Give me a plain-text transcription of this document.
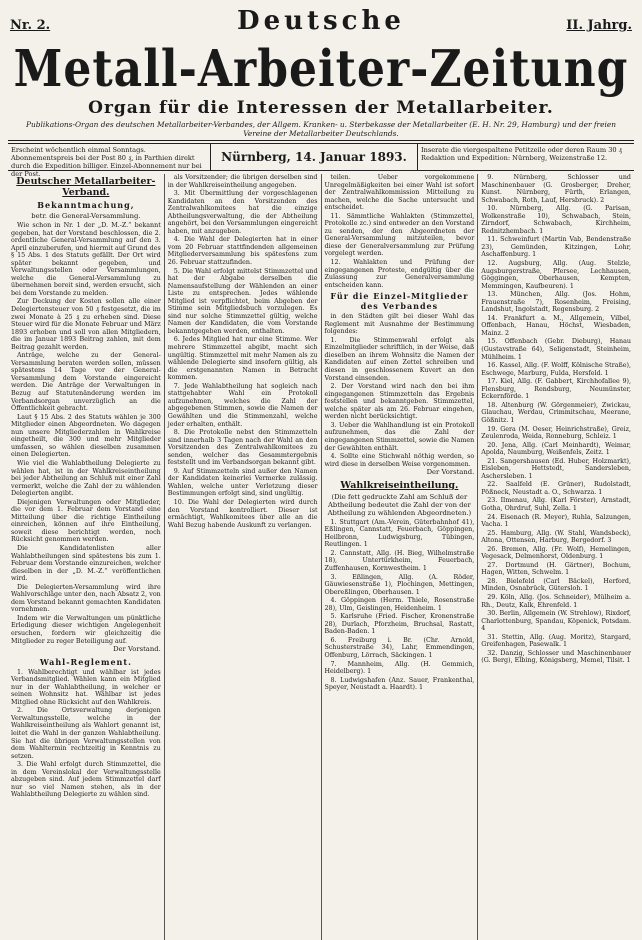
Nr. 2.	Deutsche	II. Jahrg.
Metall-Arbeiter-Zeitung
Organ für die Interessen der Metallarbeiter.
Publikations-Organ des deutschen Metallarbeiter-Verbandes, der Allgem. Kranken- u. Sterbekasse der Metallarbeiter (E. H. Nr. 29, Hamburg) und der freien Vereine der Metallarbeiter Deutschlands.
Erscheint wöchentlich einmal Sonntags. Abonnementspreis bei der Post 80 ₰, in Parthien direkt durch die Expedition billiger. Einzel-Abonnement nur bei der Post.
Nürnberg, 14. Januar 1893.	Inserate die viergespaltene Petitzeile oder deren Raum 30 ₰ Redaktion und Expedition: Nürnberg, Weizenstraße 12.
Deutscher Metallarbeiter-Verband.
Bekanntmachung,
betr. die General-Versammlung.

Wie schon in Nr. 1 der „D. M.-Z.“ bekannt gegeben, hat der Vorstand beschlossen, die 2. ordentliche General-Versammlung auf den 3. April einzuberufen, und hiermit auf Grund des § 15 Abs. 1 des Statuts gefällt. Der Ort wird später bekannt gegeben, und Verwaltungsstellen oder Versammlungen, welche die General-Versammlung zu übernehmen bereit sind, werden ersucht, sich bei dem Vorstande zu melden.

Zur Deckung der Kosten sollen alle einer Delegiertensteuer von 50 ₰ festgesetzt, die im zwei Monate à 25 ₰ zu erheben sind. Diese Steuer wird für die Monate Februar und März 1893 erhoben und soll von allen Mitgliedern, die im Januar 1893 Beitrag zahlen, mit dem Beitrag gezahlt werden.

Anträge, welche zu der General-Versammlung beraten werden sollen, müssen spätestens 14 Tage vor der General-Versammlung dem Vorstande eingereicht werden. Die Anträge der Verwaltungen in Bezug auf Statutenänderung werden im Verbandsorgan unverzüglich an die Öffentlichkeit gebracht.

Laut § 15 Abs. 2 des Statuts wählen je 300 Mitglieder einen Abgeordneten. Wo dagegen nun unsere Mitgliederzahlen in Wahlkreise eingetheilt, die 300 und mehr Mitglieder umfassen, so wählen dieselben zusammen einen Delegierten.

Wie viel die Wahlabtheilung Delegierte zu wählen hat, ist in der Wahlkreiseintheilung bei jeder Abtheilung an Schluß mit einer Zahl vermerkt, welche die Zahl der zu wählenden Delegierten angibt.

Diejenigen Verwaltungen oder Mitglieder, die vor dem 1. Februar dem Vorstand eine Mitteilung über die richtige Eintheilung einreichen, können auf ihre Eintheilung, soweit diese berichtigt werden, noch Rücksicht genommen werden.

Die Kandidatenlisten aller Wahlabtheilungen sind spätestens bis zum 1. Februar dem Vorstande einzureichen, welcher dieselben in der „D. M.-Z.“ veröffentlichen wird.

Die Delegierten-Versammlung wird ihre Wahlvorschläge unter den, nach Absatz 2, von dem Vorstand bekannt gemachten Kandidaten vornehmen.

Indem wir die Verwaltungen um pünktliche Erledigung dieser wichtigen Angelegenheit ersuchen, fordern wir gleichzeitig die Mitglieder zu reger Beteiligung auf.

Der Vorstand.
Wahl-Reglement.

1. Wahlberechtigt und wählbar ist jedes Verbandsmitglied. Wählen kann ein Mitglied nur in der Wahlabtheilung, in welcher er seinen Wohnsitz hat. Wählbar ist jedes Mitglied ohne Rücksicht auf den Wahlkreis.

2. Die Ortsverwaltung derjenigen Verwaltungsstelle, welche in der Wahlkreiseintheilung als Wahlort genannt ist, leitet die Wahl in der ganzen Wahlabtheilung. Sie hat die übrigen Verwaltungsstellen von dem Wahltermin rechtzeitig in Kenntnis zu setzen.

3. Die Wahl erfolgt durch Stimmzettel, die in dem Vereinslokal der Verwaltungsstelle abzugeben sind. Auf jedem Stimmzettel darf nur so viel Namen stehen, als in der Wahlabtheilung Delegierte zu wählen sind.

als Vorsitzender; die übrigen derselben sind in der Wahlkreiseintheilung angegeben.

3. Mit Übermittlung der vorgeschlagenen Kandidaten an den Vorsitzenden des Zentralwahlkomitees hat die einzige Abtheilungsverwaltung, die der Abtheilung angehört, bei den Versammlungen eingereicht haben, mit anzugeben.

4. Die Wahl der Delegierten hat in einer vom 20 Februar stattfindenden allgemeinen Mitgliederversammlung bis spätestens zum 26. Februar stattzufinden.

5. Die Wahl erfolgt mittelst Stimmzettel und hat der Abgabe derselben die Namensaufstellung der Wählenden an einer Liste zu entsprechen. Jedes wählende Mitglied ist verpflichtet, beim Abgeben der Stimme sein Mitgliedsbuch vorzulegen. Es sind nur solche Stimmzettel gültig, welche Namen der Kandidaten, die vom Vorstande bekanntgegeben werden, enthalten.

6. Jedes Mitglied hat nur eine Stimme. Wer mehrere Stimmzettel abgibt, macht sich ungültig. Stimmzettel mit mehr Namen als zu wählende Delegierte sind insofern gültig, als die erstgenannten Namen in Betracht kommen.

7. Jede Wahlabtheilung hat sogleich nach stattgehabter Wahl ein Protokoll aufzunehmen, welches die Zahl der abgegebenen Stimmen, sowie die Namen der Gewählten und die Stimmenzahl, welche jeder erhalten, enthält.

8. Die Protokolle nebst den Stimmzetteln sind innerhalb 3 Tagen nach der Wahl an den Vorsitzenden des Zentralwahlkomitees zu senden, welcher das Gesammtergebnis feststellt und im Verbandsorgan bekannt gibt.

9. Auf Stimmzetteln sind außer den Namen der Kandidaten keinerlei Vermerke zulässig. Wahlen, welche unter Verletzung dieser Bestimmungen erfolgt sind, sind ungültig.

10. Die Wahl der Delegierten wird durch den Vorstand kontrolliert. Dieser ist ermächtigt, Wahlkomitees über alle an die Wahl Bezug habende Auskunft zu verlangen.

teilen. Ueber vorgekommene Unregelmäßigkeiten bei einer Wahl ist sofort der Zentralwahlkommission Mitteilung zu machen, welche die Sache untersucht und entscheidet.

11. Sämmtliche Wahlakten (Stimmzettel, Protokolle zc.) sind entweder an den Vorstand zu senden, der den Abgeordneten der General-Versammlung mitzuteilen, bevor diese der Generalversammlung zur Prüfung vorgelegt werden.

12. Wahlakten und Prüfung der eingegangenen Proteste, endgültig über die Zulassung zur Generalversammlung entscheiden kann.

Für die Einzel-Mitglieder des Verbandes

in den Städten gilt bei dieser Wahl das Reglement mit Ausnahme der Bestimmung folgendes:

1. Die Stimmenwahl erfolgt als Einzelmitglieder schriftlich, in der Weise, daß dieselben an ihrem Wohnsitz die Namen der Kandidaten auf einen Zettel schreiben und diesen in geschlossenem Kuvert an den Vorstand einsenden.

2. Der Vorstand wird nach den bei ihm eingegangenen Stimmzetteln das Ergebnis feststellen und bekanntgeben. Stimmzettel, welche später als am 26. Februar eingehen, werden nicht berücksichtigt.

3. Ueber die Wahlhandlung ist ein Protokoll aufzunehmen, das die Zahl der eingegangenen Stimmzettel, sowie die Namen der Gewählten enthält.

4. Sollte eine Stichwahl nöthig werden, so wird diese in derselben Weise vorgenommen.

Der Vorstand.
Wahlkreiseintheilung.
(Die fett gedruckte Zahl am Schluß der Abtheilung bedeutet die Zahl der von der Abtheilung zu wählenden Abgeordneten.)

1. Stuttgart (Am.-Verein, Güterbahnhof 41), Eßlingen, Cannstatt, Feuerbach, Göppingen, Heilbronn, Ludwigsburg, Tübingen, Reutlingen. 1

2. Cannstatt, Allg. (H. Bieg, Wilhelmstraße 18), Untertürkheim, Feuerbach, Zuffenhausen, Kornwestheim. 1

3. Eßlingen, Allg. (A. Röder, Gäuwiesenstraße 1), Plochingen, Mettingen, Obereßlingen, Oberhausen. 1

4. Göppingen (Herm. Thiele, Rosenstraße 28), Ulm, Geislingen, Heidenheim. 1

5. Karlsruhe (Fried. Fischer, Kronenstraße 28), Durlach, Pforzheim, Bruchsal, Rastatt, Baden-Baden. 1

6. Freiburg i. Br. (Chr. Arnold, Schusterstraße 34), Lahr, Emmendingen, Offenburg, Lörrach, Säckingen. 1

7. Mannheim, Allg. (H. Gemmich, Heidelberg). 1

8. Ludwigshafen (Anz. Sauer, Frankenthal, Speyer, Neustadt a. Haardt). 1

9. Nürnberg, Schlosser und Maschinenbauer (G. Grosberger, Dreher, Kunst. Nürnberg, Fürth, Erlangen, Schwabach, Roth, Lauf, Hersbruck). 2

10. Nürnberg, Allg. (G. Parisan, Wolkenstraße 10), Schwabach, Stein, Zirndorf, Schwabach, Kirchheim, Rednitzhembach. 1

11. Schweinfurt (Martin Vab, Bendenstraße 23), Gemünden, Kitzingen, Lohr, Aschaffenburg. 1

12. Augsburg, Allg. (Aug. Stelzle, Augsburgerstraße, Pfersee, Lechhausen, Göggingen, Oberhausen, Kempten, Memmingen, Kaufbeuren). 1

13. München, Allg. (Jos. Hohm, Frauenstraße 7), Rosenheim, Freising, Landshut, Ingolstadt, Regensburg. 2

14. Frankfurt a. M., Allgemein, Vilbel, Offenbach, Hanau, Höchst, Wiesbaden, Mainz. 2

15. Offenbach (Gebr. Dieburg), Hanau (Gustavstraße 64), Seligenstadt, Steinheim, Mühlheim. 1

16. Kassel, Allg. (F. Wolff, Kölnische Straße), Eschwege, Marburg, Fulda, Hersfeld. 1

17. Kiel, Allg. (F. Gabbert, Kirchhofallee 9), Flensburg, Rendsburg, Neumünster, Eckernförde. 1

18. Altenburg (W. Görgenmeier), Zwickau, Glauchau, Werdau, Crimmitschau, Meerane, Gößnitz. 1

19. Gera (M. Oeser, Heinrichstraße), Greiz, Zeulenroda, Weida, Ronneburg, Schleiz. 1

20. Jena, Allg. (Carl Meinhardt), Weimar, Apolda, Naumburg, Weißenfels, Zeitz. 1

21. Sangershausen (Ed. Huber, Holzmarkt), Eisleben, Hettstedt, Sandersleben, Aschersleben. 1

22. Saalfeld (E. Grüner), Rudolstadt, Pößneck, Neustadt a. O., Schwarza. 1

23. Ilmenau, Allg. (Karl Förster), Arnstadt, Gotha, Ohrdruf, Suhl, Zella. 1

24. Eisenach (R. Meyer), Ruhla, Salzungen, Vacha. 1

25. Hamburg, Allg. (W. Stahl, Wandsbeck), Altona, Ottensen, Harburg, Bergedorf. 3

26. Bremen, Allg. (Fr. Wolf), Hemelingen, Vegesack, Delmenhorst, Oldenburg. 1

27. Dortmund (H. Gärtner), Bochum, Hagen, Witten, Schwelm. 1

28. Bielefeld (Carl Bäckel), Herford, Minden, Osnabrück, Gütersloh. 1

29. Köln, Allg. (Jos. Schneider), Mülheim a. Rh., Deutz, Kalk, Ehrenfeld. 1

30. Berlin, Allgemein (W. Strehlow), Rixdorf, Charlottenburg, Spandau, Köpenick, Potsdam. 4

31. Stettin, Allg. (Aug. Moritz), Stargard, Greifenhagen, Pasewalk. 1

32. Danzig, Schlosser und Maschinenbauer (G. Berg), Elbing, Königsberg, Memel, Tilsit. 1
